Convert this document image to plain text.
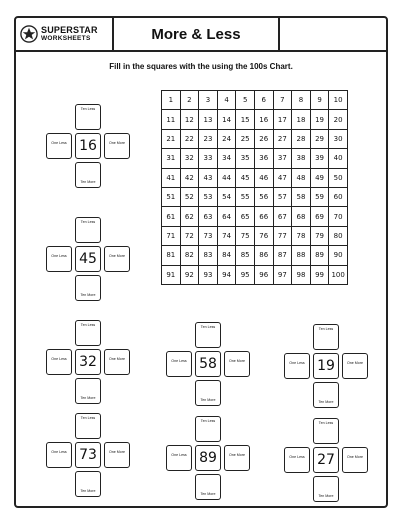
SUPERSTAR
WORKSHEETS	More & Less
Fill in the squares with the using the 100s Chart.
1	2	3	4	5	6	7	8	9	10
11	12	13	14	15	16	17	18	19	20
21	22	23	24	25	26	27	28	29	30
31	32	33	34	35	36	37	38	39	40
41	42	43	44	45	46	47	48	49	50
51	52	53	54	55	56	57	58	59	60
61	62	63	64	65	66	67	68	69	70
71	72	73	74	75	76	77	78	79	80
81	82	83	84	85	86	87	88	89	90
91	92	93	94	95	96	97	98	99	100
Ten Less
One Less	One More
Ten More
16
Ten Less
One Less	One More
Ten More
45
Ten Less
One Less	One More
Ten More
32
Ten Less
One Less	One More
Ten More
58
Ten Less
One Less	One More
Ten More
19
Ten Less
One Less	One More
Ten More
73
Ten Less
One Less	One More
Ten More
89
Ten Less
One Less	One More
Ten More
27
